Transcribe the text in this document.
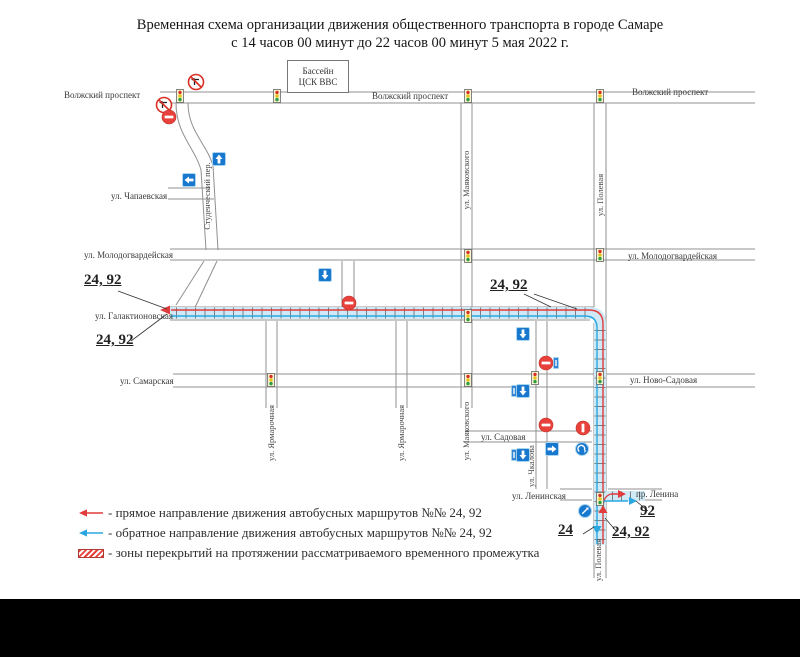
Временная схема организации движения общественного транспорта в городе Самаре
с 14 часов 00 минут до 22 часов 00 минут 5 мая 2022 г.
Бассейн
ЦСК ВВС
Волжский проспект	Волжский проспект	Волжский проспект
ул. Чапаевская
ул. Молодогвардейская	ул. Молодогвардейская
ул. Галактионовская
ул. Самарская	ул. Ново-Садовая
ул. Садовая
ул. Ленинская	пр. Ленина
Студенческий пер.	ул. Маяковского	ул. Полевая
ул. Ярмарочная	ул. Ярмарочная	ул. Маяковского
ул. Чкалова
ул. Полевая
24, 92
24, 92
24, 92
92
24	24, 92
- прямое направление движения автобусных маршрутов №№ 24, 92
- обратное направление движения автобусных маршрутов №№ 24, 92
- зоны перекрытий на протяжении рассматриваемого временного промежутка
